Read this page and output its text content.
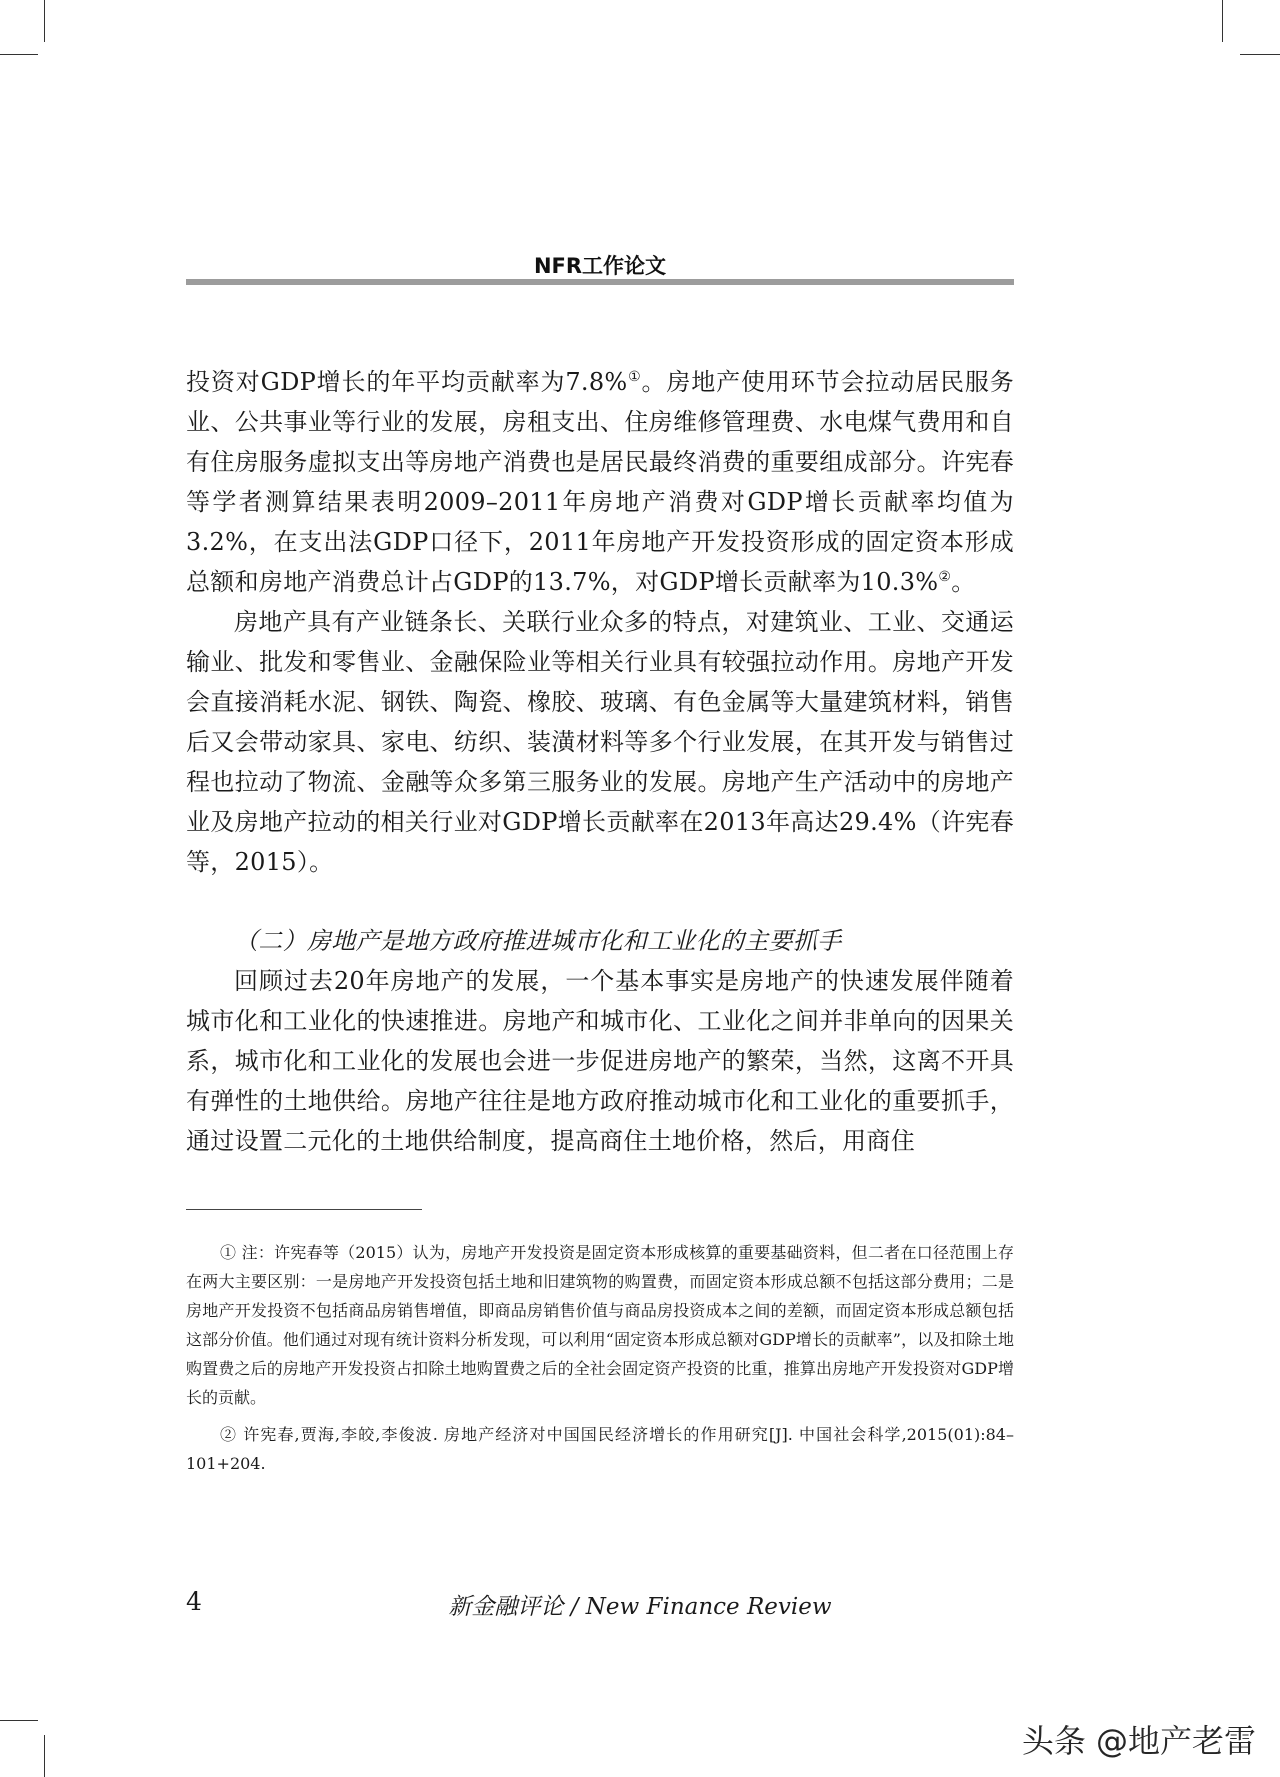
NFR工作论文

投资对GDP增长的年平均贡献率为7.8%①。房地产使用环节会拉动居民服务业、公共事业等行业的发展，房租支出、住房维修管理费、水电煤气费用和自有住房服务虚拟支出等房地产消费也是居民最终消费的重要组成部分。许宪春等学者测算结果表明2009–2011年房地产消费对GDP增长贡献率均值为3.2%，在支出法GDP口径下，2011年房地产开发投资形成的固定资本形成总额和房地产消费总计占GDP的13.7%，对GDP增长贡献率为10.3%②。

房地产具有产业链条长、关联行业众多的特点，对建筑业、工业、交通运输业、批发和零售业、金融保险业等相关行业具有较强拉动作用。房地产开发会直接消耗水泥、钢铁、陶瓷、橡胶、玻璃、有色金属等大量建筑材料，销售后又会带动家具、家电、纺织、装潢材料等多个行业发展，在其开发与销售过程也拉动了物流、金融等众多第三服务业的发展。房地产生产活动中的房地产业及房地产拉动的相关行业对GDP增长贡献率在2013年高达29.4%（许宪春等，2015）。

（二）房地产是地方政府推进城市化和工业化的主要抓手

回顾过去20年房地产的发展，一个基本事实是房地产的快速发展伴随着城市化和工业化的快速推进。房地产和城市化、工业化之间并非单向的因果关系，城市化和工业化的发展也会进一步促进房地产的繁荣，当然，这离不开具有弹性的土地供给。房地产往往是地方政府推动城市化和工业化的重要抓手，通过设置二元化的土地供给制度，提高商住土地价格，然后，用商住

① 注：许宪春等（2015）认为，房地产开发投资是固定资本形成核算的重要基础资料，但二者在口径范围上存在两大主要区别：一是房地产开发投资包括土地和旧建筑物的购置费，而固定资本形成总额不包括这部分费用；二是房地产开发投资不包括商品房销售增值，即商品房销售价值与商品房投资成本之间的差额，而固定资本形成总额包括这部分价值。他们通过对现有统计资料分析发现，可以利用“固定资本形成总额对GDP增长的贡献率”，以及扣除土地购置费之后的房地产开发投资占扣除土地购置费之后的全社会固定资产投资的比重，推算出房地产开发投资对GDP增长的贡献。

② 许宪春,贾海,李皎,李俊波. 房地产经济对中国国民经济增长的作用研究[J]. 中国社会科学,2015(01):84–101+204.

4	新金融评论 / New Finance Review
头条 @地产老雷
